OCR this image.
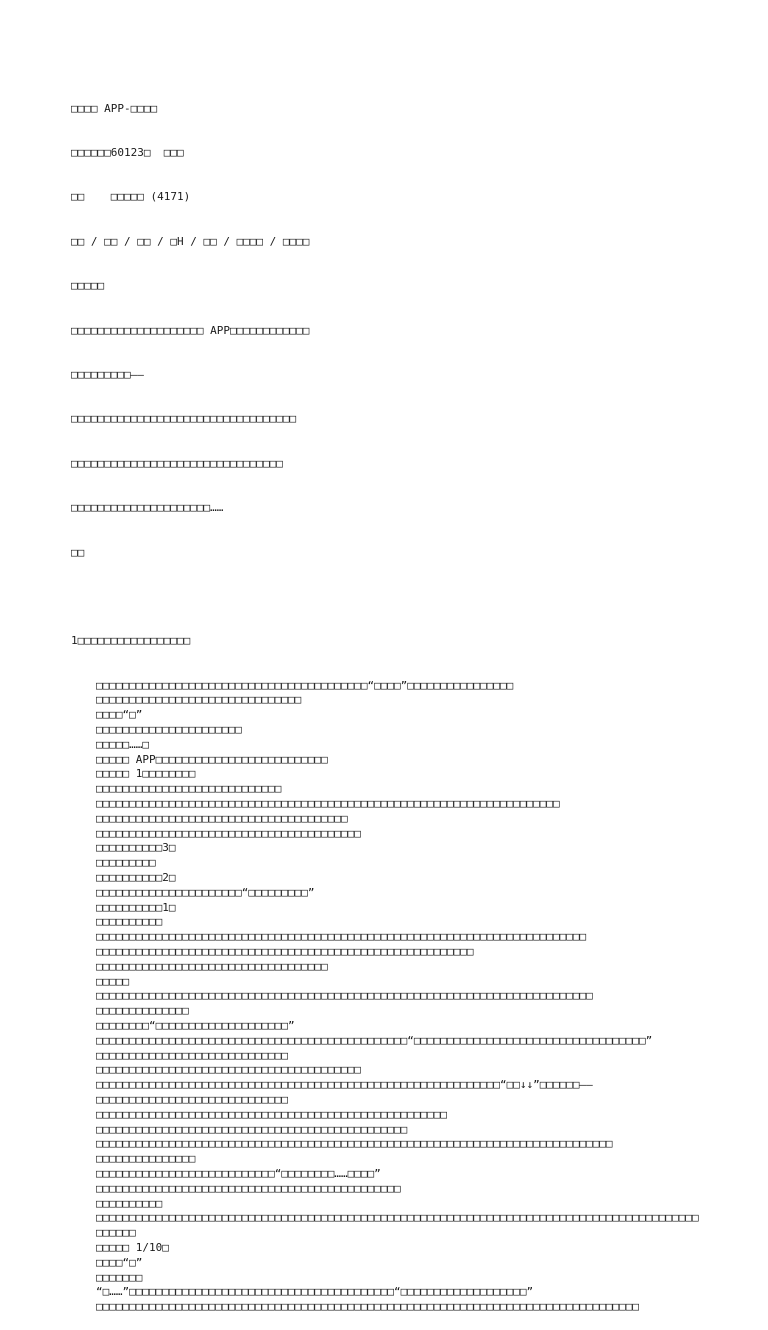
□□□□ APP-□□□□

□□□□□□60123□  □□□

□□    □□□□□ (4171)

□□ / □□ / □□ / □H / □□ / □□□□ / □□□□

□□□□□

□□□□□□□□□□□□□□□□□□□□ APP□□□□□□□□□□□□

□□□□□□□□□——

□□□□□□□□□□□□□□□□□□□□□□□□□□□□□□□□□□

□□□□□□□□□□□□□□□□□□□□□□□□□□□□□□□□

□□□□□□□□□□□□□□□□□□□□□……

□□

1□□□□□□□□□□□□□□□□□

□□□□□□□□□□□□□□□□□□□□□□□□□□□□□□□□□□□□□□□□□“□□□□”□□□□□□□□□□□□□□□□
□□□□□□□□□□□□□□□□□□□□□□□□□□□□□□□
□□□□“□”
□□□□□□□□□□□□□□□□□□□□□□
□□□□□……□
□□□□□ APP□□□□□□□□□□□□□□□□□□□□□□□□□□
□□□□□ 1□□□□□□□□
□□□□□□□□□□□□□□□□□□□□□□□□□□□□
□□□□□□□□□□□□□□□□□□□□□□□□□□□□□□□□□□□□□□□□□□□□□□□□□□□□□□□□□□□□□□□□□□□□□□
□□□□□□□□□□□□□□□□□□□□□□□□□□□□□□□□□□□□□□
□□□□□□□□□□□□□□□□□□□□□□□□□□□□□□□□□□□□□□□□
□□□□□□□□□□3□
□□□□□□□□□
□□□□□□□□□□2□
□□□□□□□□□□□□□□□□□□□□□□“□□□□□□□□□”
□□□□□□□□□□1□
□□□□□□□□□□
□□□□□□□□□□□□□□□□□□□□□□□□□□□□□□□□□□□□□□□□□□□□□□□□□□□□□□□□□□□□□□□□□□□□□□□□□□
□□□□□□□□□□□□□□□□□□□□□□□□□□□□□□□□□□□□□□□□□□□□□□□□□□□□□□□□□
□□□□□□□□□□□□□□□□□□□□□□□□□□□□□□□□□□□
□□□□□
□□□□□□□□□□□□□□□□□□□□□□□□□□□□□□□□□□□□□□□□□□□□□□□□□□□□□□□□□□□□□□□□□□□□□□□□□□□
□□□□□□□□□□□□□□
□□□□□□□□“□□□□□□□□□□□□□□□□□□□□”
□□□□□□□□□□□□□□□□□□□□□□□□□□□□□□□□□□□□□□□□□□□□□□□“□□□□□□□□□□□□□□□□□□□□□□□□□□□□□□□□□□□”
□□□□□□□□□□□□□□□□□□□□□□□□□□□□□
□□□□□□□□□□□□□□□□□□□□□□□□□□□□□□□□□□□□□□□□
□□□□□□□□□□□□□□□□□□□□□□□□□□□□□□□□□□□□□□□□□□□□□□□□□□□□□□□□□□□□□“□□↓↓”□□□□□□——
□□□□□□□□□□□□□□□□□□□□□□□□□□□□□
□□□□□□□□□□□□□□□□□□□□□□□□□□□□□□□□□□□□□□□□□□□□□□□□□□□□□
□□□□□□□□□□□□□□□□□□□□□□□□□□□□□□□□□□□□□□□□□□□□□□□
□□□□□□□□□□□□□□□□□□□□□□□□□□□□□□□□□□□□□□□□□□□□□□□□□□□□□□□□□□□□□□□□□□□□□□□□□□□□□□
□□□□□□□□□□□□□□□
□□□□□□□□□□□□□□□□□□□□□□□□□□□“□□□□□□□□……□□□□”
□□□□□□□□□□□□□□□□□□□□□□□□□□□□□□□□□□□□□□□□□□□□□□
□□□□□□□□□□
□□□□□□□□□□□□□□□□□□□□□□□□□□□□□□□□□□□□□□□□□□□□□□□□□□□□□□□□□□□□□□□□□□□□□□□□□□□□□□□□□□□□□□□□□□□□□□□□□
□□□□□ 1/10□
□□□□“□”
□□□□□□□
“□……”□□□□□□□□□□□□□□□□□□□□□□□□□□□□□□□□□□□□□□□□“□□□□□□□□□□□□□□□□□□□”
□□□□□□□□□□□□□□□□□□□□□□□□□□□□□□□□□□□□□□□□□□□□□□□□□□□□□□□□□□□□□□□□□□□□□□□□□□□□□□□□□□
